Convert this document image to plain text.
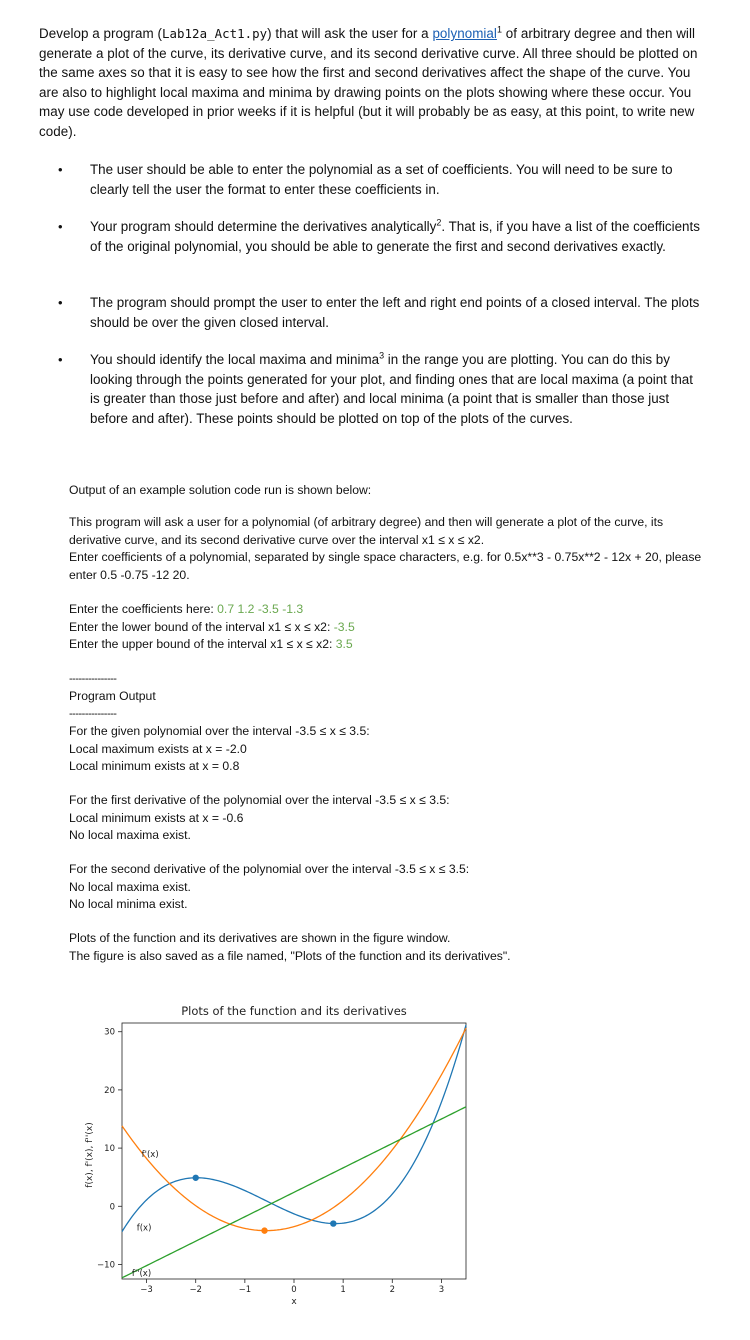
Develop a program (Lab12a_Act1.py) that will ask the user for a polynomial$^1$ of arbitrary degree and then will generate a plot of the curve, its derivative curve, and its second derivative curve. All three should be plotted on the same axes so that it is easy to see how the first and second derivatives affect the shape of the curve. You are also to highlight local maxima and minima by drawing points on the plots showing where these occur. You may use code developed in prior weeks if it is helpful (but it will probably be as easy, at this point, to write new code).
• The user should be able to enter the polynomial as a set of coefficients. You will need to be sure to clearly tell the user the format to enter these coefficients in.
• Your program should determine the derivatives analytically$^2$. That is, if you have a list of the coefficients of the original polynomial, you should be able to generate the first and second derivatives exactly.
• The program should prompt the user to enter the left and right end points of a closed interval. The plots should be over the given closed interval.
• You should identify the local maxima and minima$^3$ in the range you are plotting. You can do this by looking through the points generated for your plot, and finding ones that are local maxima (a point that is greater than those just before and after) and local minima (a point that is smaller than those just before and after). These points should be plotted on top of the plots of the curves.
Output of an example solution code run is shown below:
This program will ask a user for a polynomial (of arbitrary degree) and then will generate a plot of the curve, its derivative curve, and its second derivative curve over the interval x1 ≤ x ≤ x2.
Enter coefficients of a polynomial, separated by single space characters, e.g. for 0.5x**3 - 0.75x**2 - 12x + 20, please enter 0.5 -0.75 -12 20.
Enter the coefficients here: 0.7 1.2 -3.5 -1.3
Enter the lower bound of the interval x1 ≤ x ≤ x2: -3.5
Enter the upper bound of the interval x1 ≤ x ≤ x2: 3.5
---------------
Program Output
---------------
For the given polynomial over the interval -3.5 ≤ x ≤ 3.5:
Local maximum exists at x = -2.0
Local minimum exists at x = 0.8
For the first derivative of the polynomial over the interval -3.5 ≤ x ≤ 3.5:
Local minimum exists at x = -0.6
No local maxima exist.
For the second derivative of the polynomial over the interval -3.5 ≤ x ≤ 3.5:
No local maxima exist.
No local minima exist.
Plots of the function and its derivatives are shown in the figure window.
The figure is also saved as a file named, "Plots of the function and its derivatives".
Plots of the function and its derivatives
f(x), f'(x), f''(x)
x
−3	−2	−1	0	1	2	3
−10
0
10
20
30
f'(x)
f(x)
f''(x)
